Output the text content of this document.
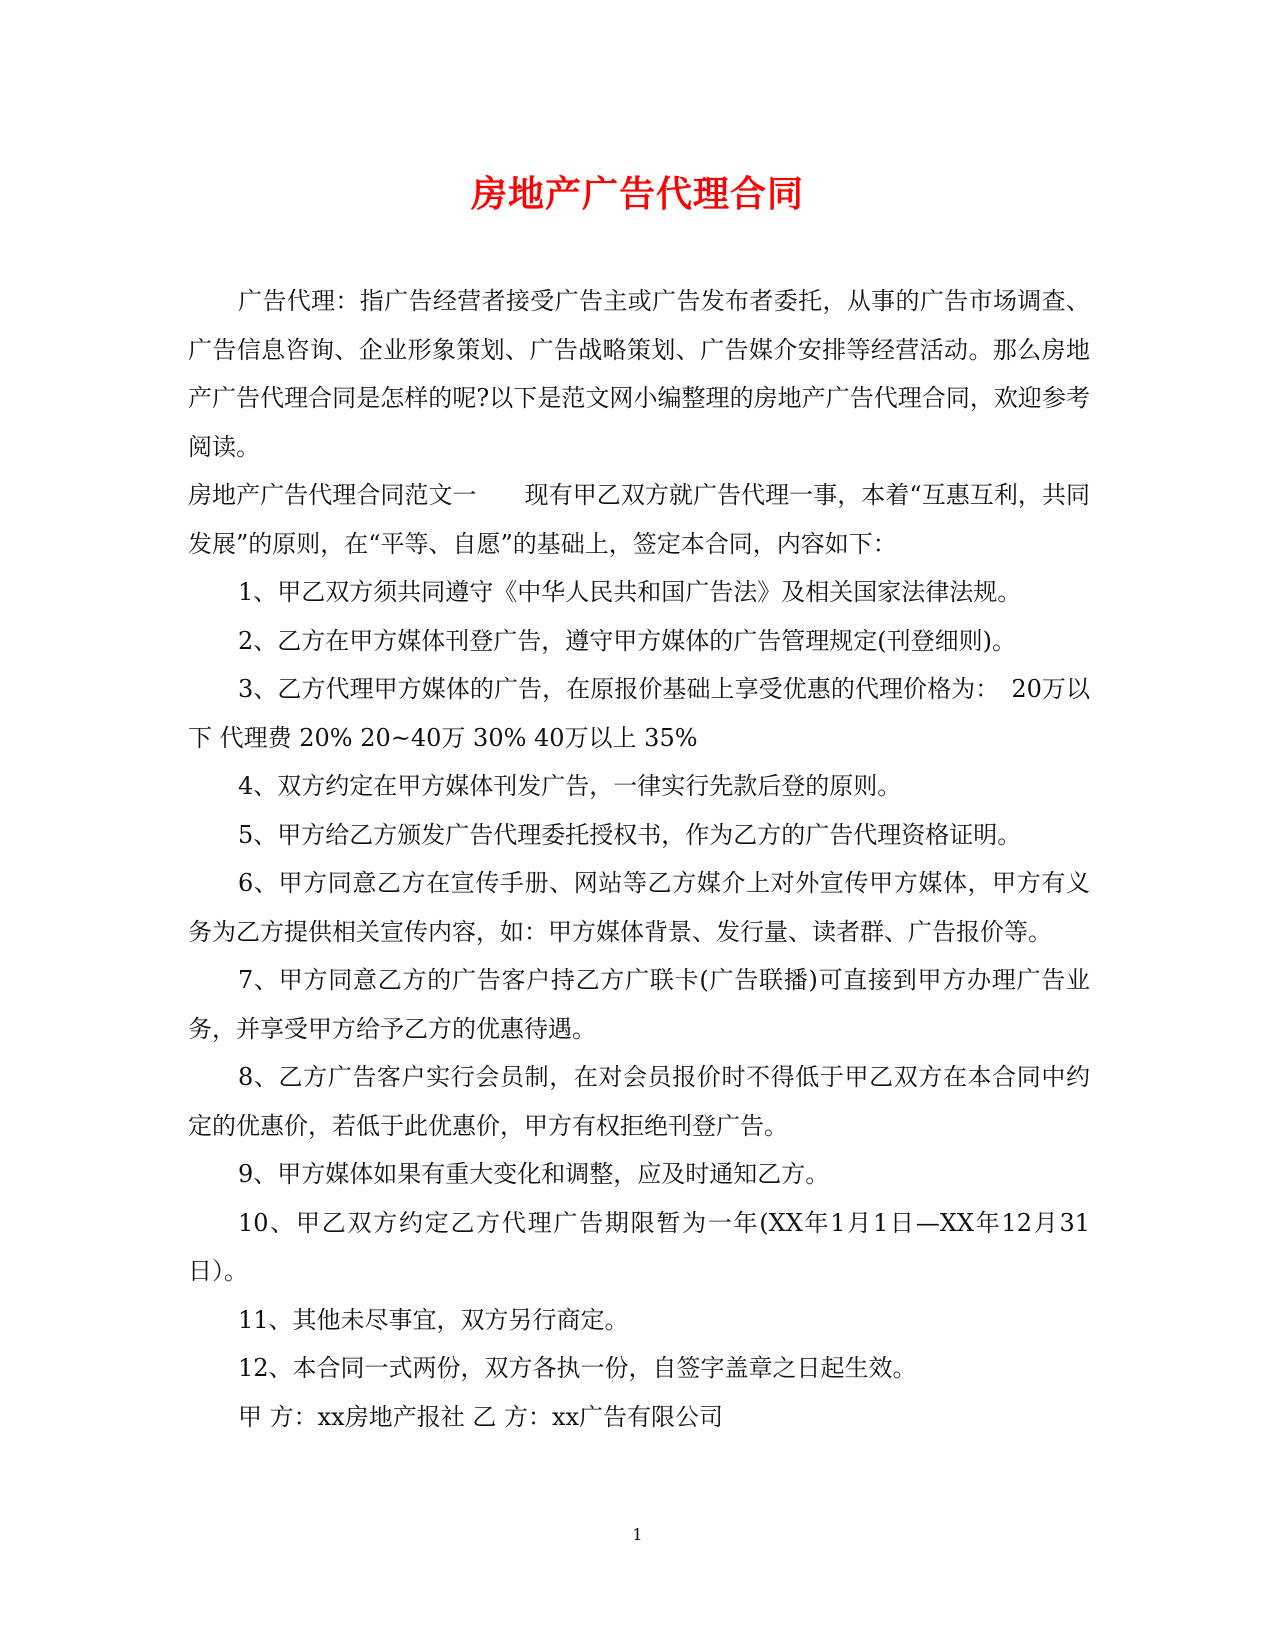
房地产广告代理合同

广告代理：指广告经营者接受广告主或广告发布者委托，从事的广告市场调查、广告信息咨询、企业形象策划、广告战略策划、广告媒介安排等经营活动。那么房地产广告代理合同是怎样的呢?以下是范文网小编整理的房地产广告代理合同，欢迎参考阅读。

房地产广告代理合同范文一　　现有甲乙双方就广告代理一事，本着“互惠互利，共同发展”的原则，在“平等、自愿”的基础上，签定本合同，内容如下：

1、甲乙双方须共同遵守《中华人民共和国广告法》及相关国家法律法规。

2、乙方在甲方媒体刊登广告，遵守甲方媒体的广告管理规定(刊登细则)。

3、乙方代理甲方媒体的广告，在原报价基础上享受优惠的代理价格为：　20万以下 代理费 20% 20~40万 30% 40万以上 35%

4、双方约定在甲方媒体刊发广告，一律实行先款后登的原则。

5、甲方给乙方颁发广告代理委托授权书，作为乙方的广告代理资格证明。

6、甲方同意乙方在宣传手册、网站等乙方媒介上对外宣传甲方媒体，甲方有义务为乙方提供相关宣传内容，如：甲方媒体背景、发行量、读者群、广告报价等。

7、甲方同意乙方的广告客户持乙方广联卡(广告联播)可直接到甲方办理广告业务，并享受甲方给予乙方的优惠待遇。

8、乙方广告客户实行会员制，在对会员报价时不得低于甲乙双方在本合同中约定的优惠价，若低于此优惠价，甲方有权拒绝刊登广告。

9、甲方媒体如果有重大变化和调整，应及时通知乙方。

10、甲乙双方约定乙方代理广告期限暂为一年(XX年1月1日—XX年12月31日）。

11、其他未尽事宜，双方另行商定。

12、本合同一式两份，双方各执一份，自签字盖章之日起生效。

甲 方：xx房地产报社 乙 方：xx广告有限公司

1
